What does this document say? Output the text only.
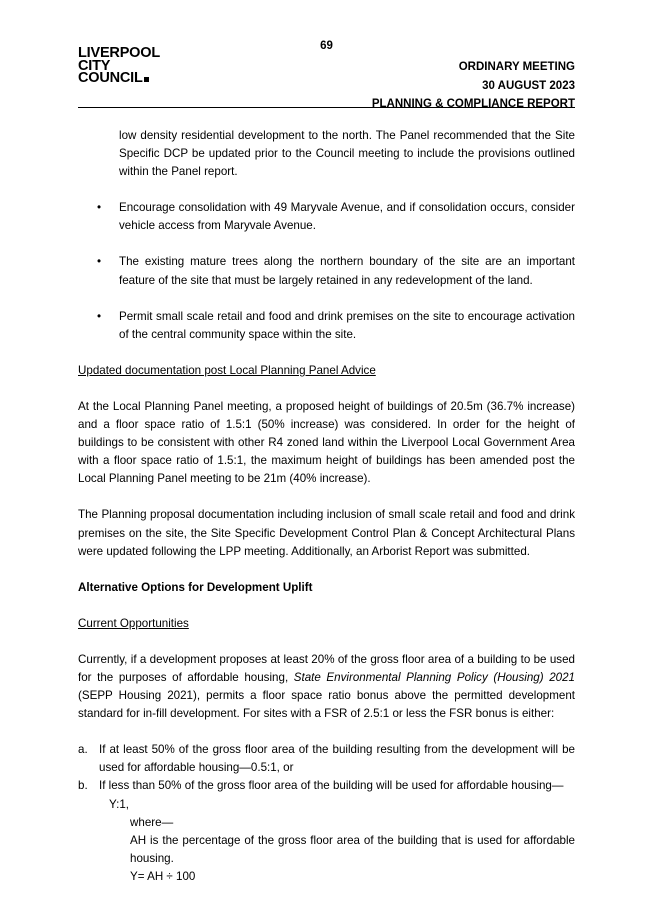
69
LIVERPOOL
CITY
COUNCIL
ORDINARY MEETING
30 AUGUST 2023
PLANNING & COMPLIANCE REPORT

low density residential development to the north. The Panel recommended that the Site Specific DCP be updated prior to the Council meeting to include the provisions outlined within the Panel report.

• Encourage consolidation with 49 Maryvale Avenue, and if consolidation occurs, consider vehicle access from Maryvale Avenue.
• The existing mature trees along the northern boundary of the site are an important feature of the site that must be largely retained in any redevelopment of the land.
• Permit small scale retail and food and drink premises on the site to encourage activation of the central community space within the site.

Updated documentation post Local Planning Panel Advice

At the Local Planning Panel meeting, a proposed height of buildings of 20.5m (36.7% increase) and a floor space ratio of 1.5:1 (50% increase) was considered. In order for the height of buildings to be consistent with other R4 zoned land within the Liverpool Local Government Area with a floor space ratio of 1.5:1, the maximum height of buildings has been amended post the Local Planning Panel meeting to be 21m (40% increase).

The Planning proposal documentation including inclusion of small scale retail and food and drink premises on the site, the Site Specific Development Control Plan & Concept Architectural Plans were updated following the LPP meeting. Additionally, an Arborist Report was submitted.

Alternative Options for Development Uplift

Current Opportunities

Currently, if a development proposes at least 20% of the gross floor area of a building to be used for the purposes of affordable housing, State Environmental Planning Policy (Housing) 2021 (SEPP Housing 2021), permits a floor space ratio bonus above the permitted development standard for in-fill development. For sites with a FSR of 2.5:1 or less the FSR bonus is either:

a. If at least 50% of the gross floor area of the building resulting from the development will be used for affordable housing—0.5:1, or
b. If less than 50% of the gross floor area of the building will be used for affordable housing—
Y:1,
where—
AH is the percentage of the gross floor area of the building that is used for affordable housing.
Y= AH ÷ 100
